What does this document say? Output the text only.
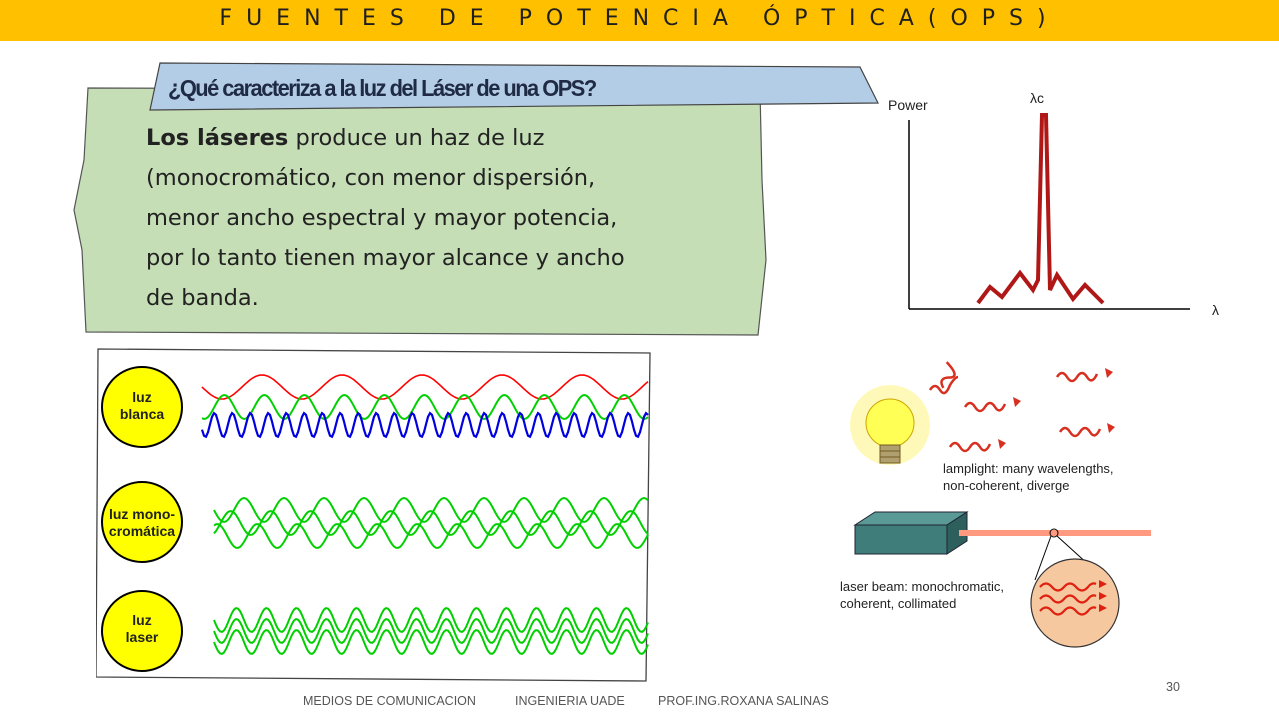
FUENTES DE POTENCIA ÓPTICA(OPS)
¿Qué caracteriza a la luz del Láser de una OPS?
Los láseres produce un haz de luz
(monocromático, con menor dispersión,
menor ancho espectral y mayor potencia,
por lo tanto tienen mayor alcance y ancho
de banda.
Power	λc
λ
luz
blanca
luz mono-
cromática
luz
laser
lamplight: many wavelengths,
non-coherent, diverge
laser beam: monochromatic,
coherent, collimated
30
MEDIOS DE COMUNICACION	INGENIERIA UADE	PROF.ING.ROXANA SALINAS
